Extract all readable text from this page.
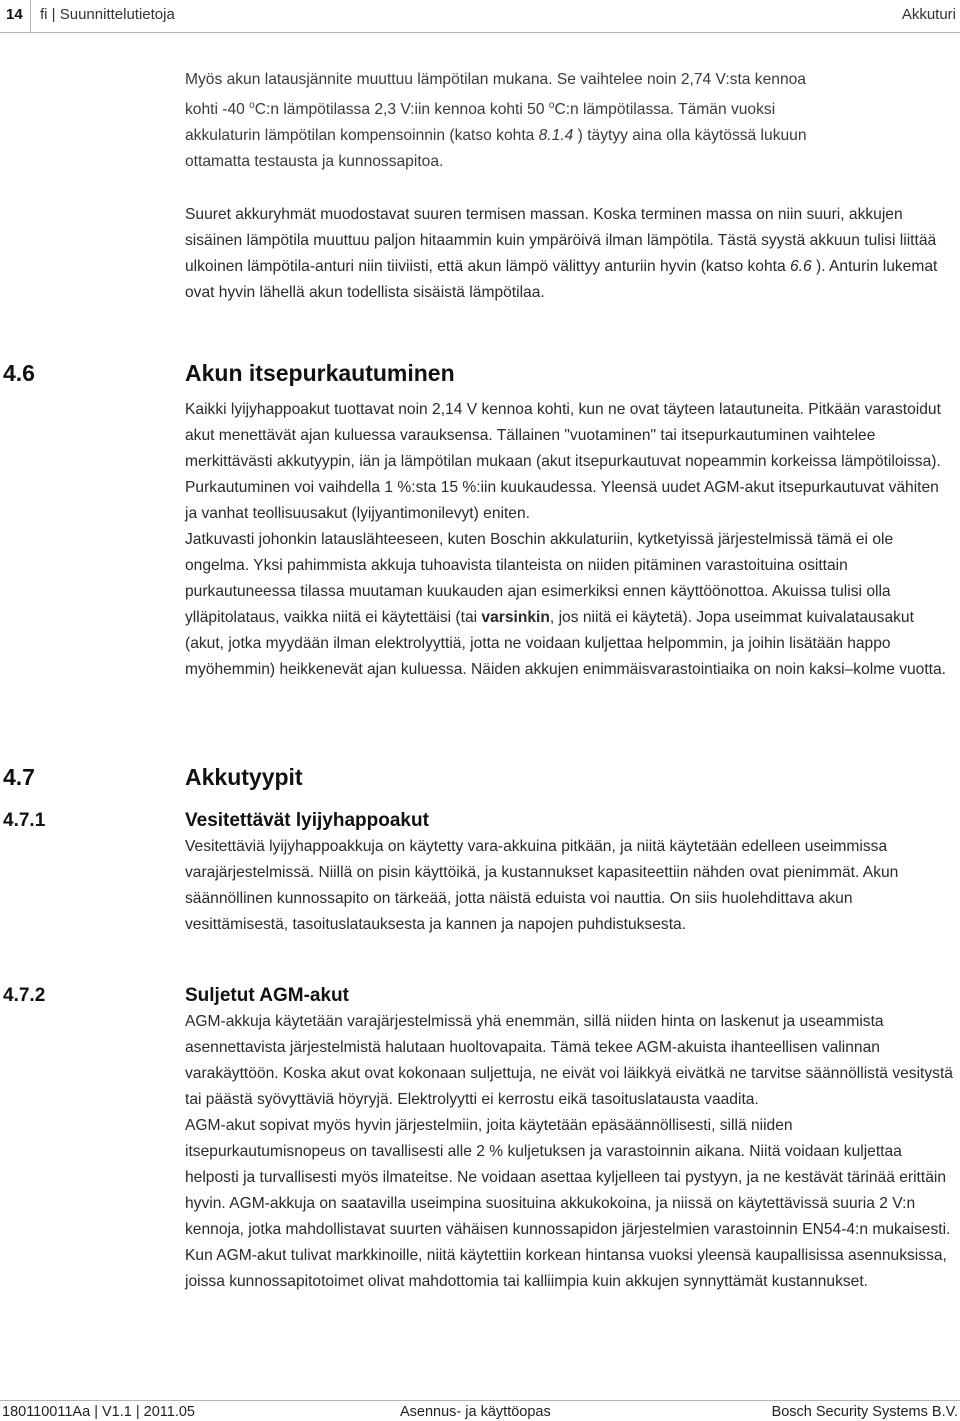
14 fi | Suunnittelutietoja	Akkuturi
Myös akun latausjännite muuttuu lämpötilan mukana. Se vaihtelee noin 2,74 V:sta kennoa
kohti -40 $^o$C:n lämpötilassa 2,3 V:iin kennoa kohti 50 $^o$C:n lämpötilassa. Tämän vuoksi
akkulaturin lämpötilan kompensoinnin (katso kohta 8.1.4 ) täytyy aina olla käytössä lukuun
ottamatta testausta ja kunnossapitoa.

Suuret akkuryhmät muodostavat suuren termisen massan. Koska terminen massa on niin suuri, akkujen sisäinen lämpötila muuttuu paljon hitaammin kuin ympäröivä ilman lämpötila. Tästä syystä akkuun tulisi liittää ulkoinen lämpötila-anturi niin tiiviisti, että akun lämpö välittyy anturiin hyvin (katso kohta 6.6 ). Anturin lukemat ovat hyvin lähellä akun todellista sisäistä lämpötilaa.

4.6	Akun itsepurkautuminen

Kaikki lyijyhappoakut tuottavat noin 2,14 V kennoa kohti, kun ne ovat täyteen latautuneita. Pitkään varastoidut akut menettävät ajan kuluessa varauksensa. Tällainen "vuotaminen" tai itsepurkautuminen vaihtelee merkittävästi akkutyypin, iän ja lämpötilan mukaan (akut itsepurkautuvat nopeammin korkeissa lämpötiloissa). Purkautuminen voi vaihdella 1 %:sta 15 %:iin kuukaudessa. Yleensä uudet AGM-akut itsepurkautuvat vähiten ja vanhat teollisuusakut (lyijyantimonilevyt) eniten.

Jatkuvasti johonkin latauslähteeseen, kuten Boschin akkulaturiin, kytketyissä järjestelmissä tämä ei ole ongelma. Yksi pahimmista akkuja tuhoavista tilanteista on niiden pitäminen varastoituina osittain purkautuneessa tilassa muutaman kuukauden ajan esimerkiksi ennen käyttöönottoa. Akuissa tulisi olla ylläpitolataus, vaikka niitä ei käytettäisi (tai varsinkin, jos niitä ei käytetä). Jopa useimmat kuivalatausakut (akut, jotka myydään ilman elektrolyyttiä, jotta ne voidaan kuljettaa helpommin, ja joihin lisätään happo myöhemmin) heikkenevät ajan kuluessa. Näiden akkujen enimmäisvarastointiaika on noin kaksi–kolme vuotta.

4.7	Akkutyypit
4.7.1	Vesitettävät lyijyhappoakut

Vesitettäviä lyijyhappoakkuja on käytetty vara-akkuina pitkään, ja niitä käytetään edelleen useimmissa varajärjestelmissä. Niillä on pisin käyttöikä, ja kustannukset kapasiteettiin nähden ovat pienimmät. Akun säännöllinen kunnossapito on tärkeää, jotta näistä eduista voi nauttia. On siis huolehdittava akun vesittämisestä, tasoituslatauksesta ja kannen ja napojen puhdistuksesta.

4.7.2	Suljetut AGM-akut

AGM-akkuja käytetään varajärjestelmissä yhä enemmän, sillä niiden hinta on laskenut ja useammista asennettavista järjestelmistä halutaan huoltovapaita. Tämä tekee AGM-akuista ihanteellisen valinnan varakäyttöön. Koska akut ovat kokonaan suljettuja, ne eivät voi läikkyä eivätkä ne tarvitse säännöllistä vesitystä tai päästä syövyttäviä höyryjä. Elektrolyytti ei kerrostu eikä tasoituslatausta vaadita.

AGM-akut sopivat myös hyvin järjestelmiin, joita käytetään epäsäännöllisesti, sillä niiden itsepurkautumisnopeus on tavallisesti alle 2 % kuljetuksen ja varastoinnin aikana. Niitä voidaan kuljettaa helposti ja turvallisesti myös ilmateitse. Ne voidaan asettaa kyljelleen tai pystyyn, ja ne kestävät tärinää erittäin hyvin. AGM-akkuja on saatavilla useimpina suosituina akkukokoina, ja niissä on käytettävissä suuria 2 V:n kennoja, jotka mahdollistavat suurten vähäisen kunnossapidon järjestelmien varastoinnin EN54-4:n mukaisesti. Kun AGM-akut tulivat markkinoille, niitä käytettiin korkean hintansa vuoksi yleensä kaupallisissa asennuksissa, joissa kunnossapitotoimet olivat mahdottomia tai kalliimpia kuin akkujen synnyttämät kustannukset.

180110011Aa | V1.1 | 2011.05	Asennus- ja käyttöopas	Bosch Security Systems B.V.
